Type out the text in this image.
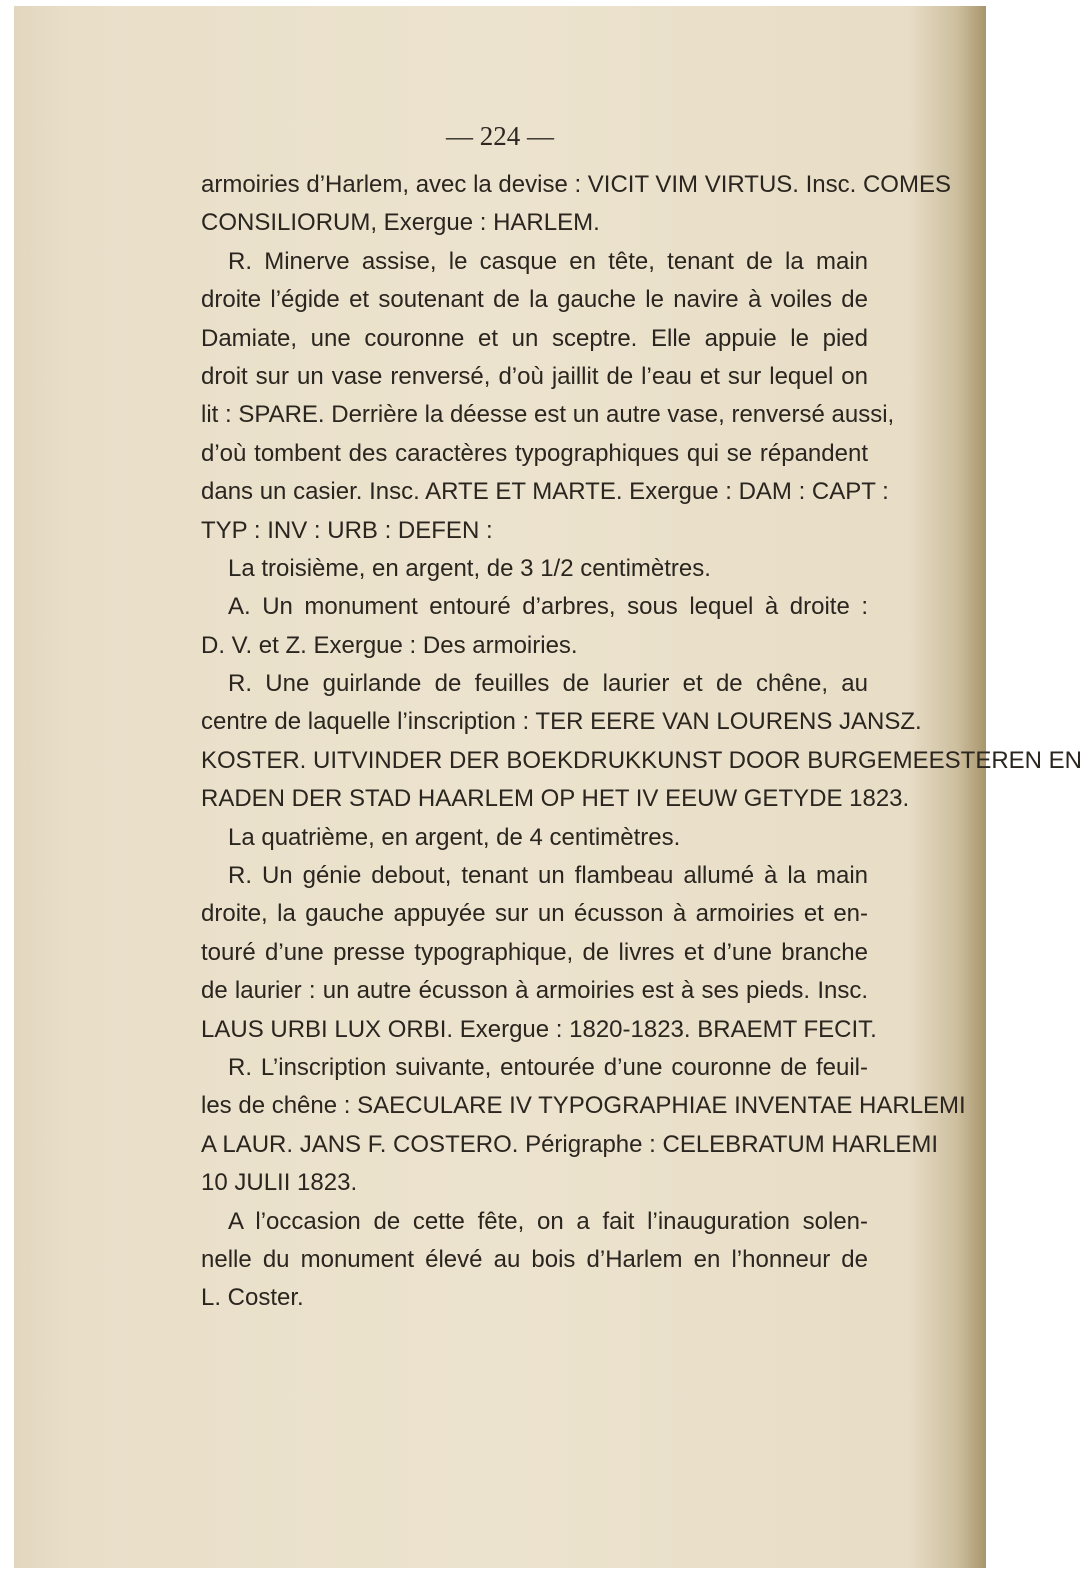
— 224 —
armoiries d’Harlem, avec la devise : VICIT VIM VIRTUS. Insc. COMES
CONSILIORUM, Exergue : HARLEM.
R. Minerve assise, le casque en tête, tenant de la main
droite l’égide et soutenant de la gauche le navire à voiles de
Damiate, une couronne et un sceptre. Elle appuie le pied
droit sur un vase renversé, d’où jaillit de l’eau et sur lequel on
lit : SPARE. Derrière la déesse est un autre vase, renversé aussi,
d’où tombent des caractères typographiques qui se répandent
dans un casier. Insc. ARTE ET MARTE. Exergue : DAM : CAPT :
TYP : INV : URB : DEFEN :
La troisième, en argent, de 3 1/2 centimètres.
A. Un monument entouré d’arbres, sous lequel à droite :
D. V. et Z. Exergue : Des armoiries.
R. Une guirlande de feuilles de laurier et de chêne, au
centre de laquelle l’inscription : TER EERE VAN LOURENS JANSZ.
KOSTER. UITVINDER DER BOEKDRUKKUNST DOOR BURGEMEESTEREN EN
RADEN DER STAD HAARLEM OP HET IV EEUW GETYDE 1823.
La quatrième, en argent, de 4 centimètres.
R. Un génie debout, tenant un flambeau allumé à la main
droite, la gauche appuyée sur un écusson à armoiries et en-
touré d’une presse typographique, de livres et d’une branche
de laurier : un autre écusson à armoiries est à ses pieds. Insc.
LAUS URBI LUX ORBI. Exergue : 1820-1823. BRAEMT FECIT.
R. L’inscription suivante, entourée d’une couronne de feuil-
les de chêne : SAECULARE IV TYPOGRAPHIAE INVENTAE HARLEMI
A LAUR. JANS F. COSTERO. Périgraphe : CELEBRATUM HARLEMI
10 JULII 1823.
A l’occasion de cette fête, on a fait l’inauguration solen-
nelle du monument élevé au bois d’Harlem en l’honneur de
L. Coster.
